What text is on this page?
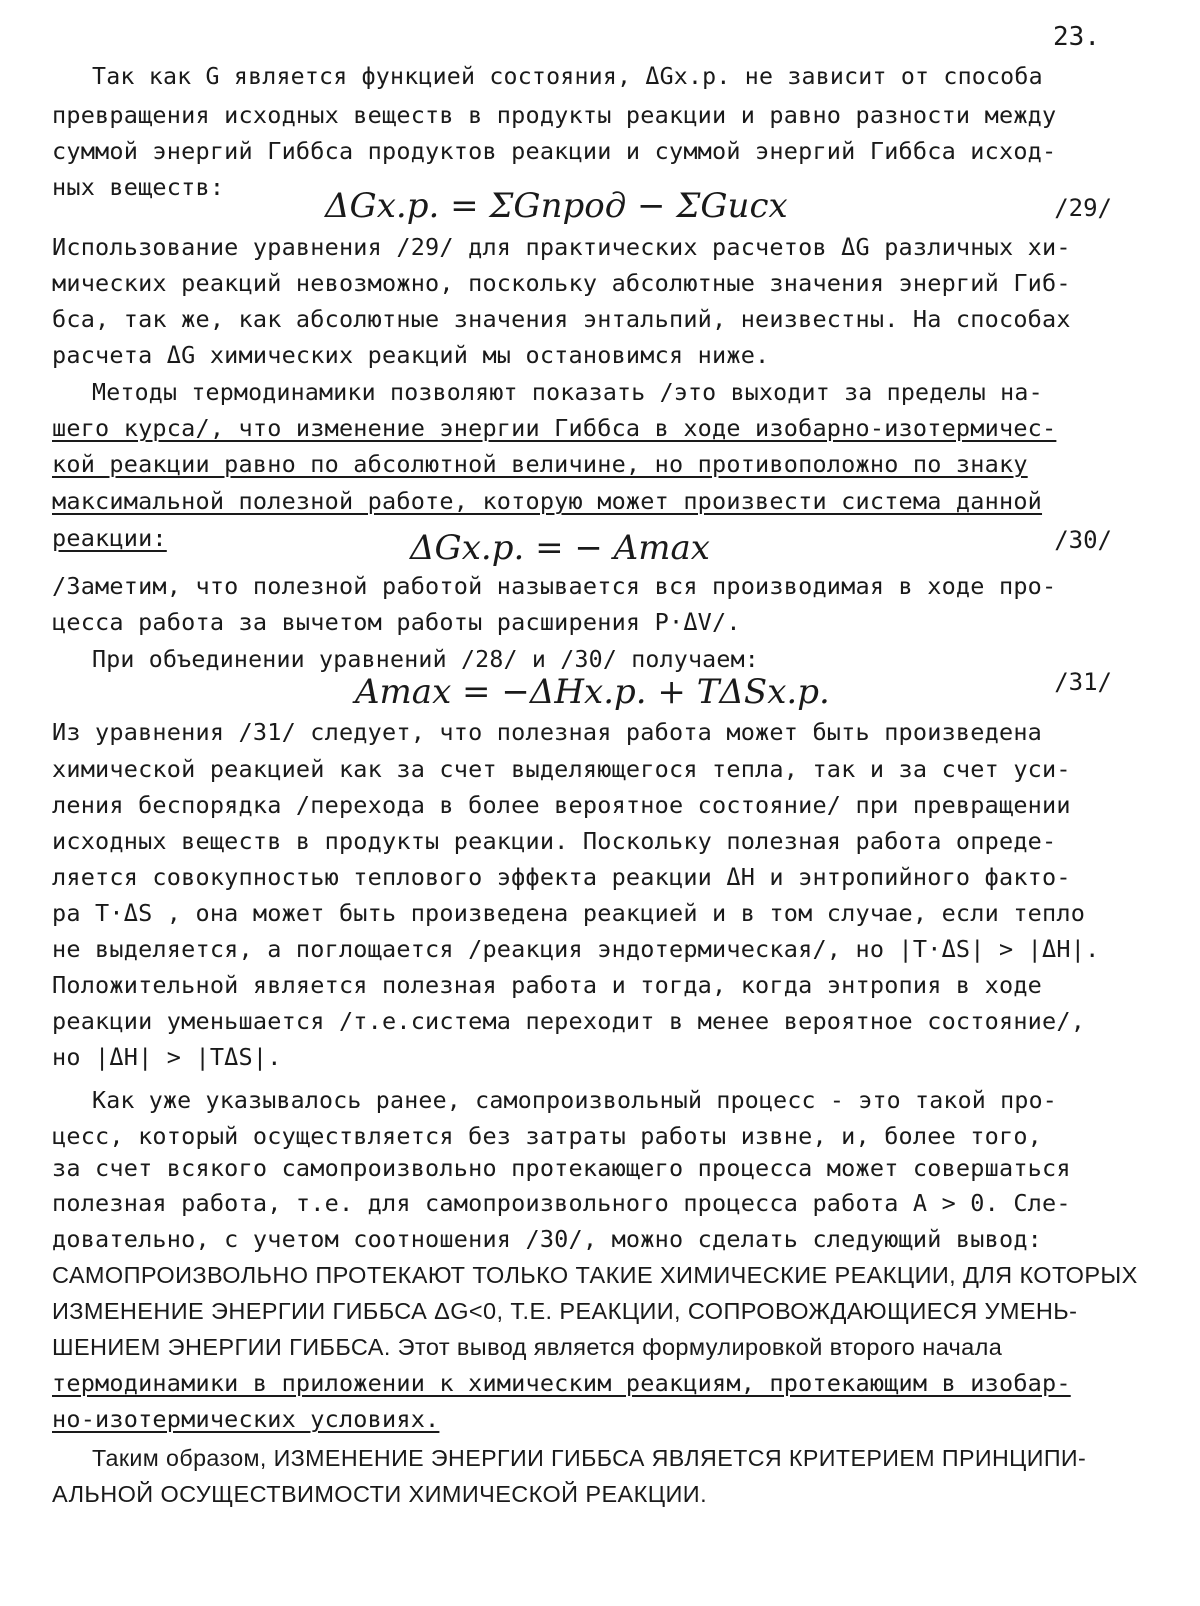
23.
Так как G является функцией состояния, ΔGх.р. не зависит от способа
превращения исходных веществ в продукты реакции и равно разности между
суммой энергий Гиббса продуктов реакции и суммой энергий Гиббса исход-
ных веществ:	ΔGх.р. = ΣGпрод − ΣGисх	/29/
Использование уравнения /29/ для практических расчетов ΔG различных хи-
мических реакций невозможно, поскольку абсолютные значения энергий Гиб-
бса, так же, как абсолютные значения энтальпий, неизвестны. На способах
расчета ΔG химических реакций мы остановимся ниже.
Методы термодинамики позволяют показать /это выходит за пределы на-
шего курса/, что изменение энергии Гиббса в ходе изобарно-изотермичес-
кой реакции равно по абсолютной величине, но противоположно по знаку
максимальной полезной работе, которую может произвести система данной
реакции:	ΔGх.р. = − Amax	/30/
/Заметим, что полезной работой называется вся производимая в ходе про-
цесса работа за вычетом работы расширения P·ΔV/.
При объединении уравнений /28/ и /30/ получаем:
Amax = −ΔHх.р. + TΔSх.р.	/31/
Из уравнения /31/ следует, что полезная работа может быть произведена
химической реакцией как за счет выделяющегося тепла, так и за счет уси-
ления беспорядка /перехода в более вероятное состояние/ при превращении
исходных веществ в продукты реакции. Поскольку полезная работа опреде-
ляется совокупностью теплового эффекта реакции ΔH и энтропийного факто-
ра T·ΔS , она может быть произведена реакцией и в том случае, если тепло
не выделяется, а поглощается /реакция эндотермическая/, но |T·ΔS| > |ΔH|.
Положительной является полезная работа и тогда, когда энтропия в ходе
реакции уменьшается /т.е.система переходит в менее вероятное состояние/,
но |ΔH| > |TΔS|.
Как уже указывалось ранее, самопроизвольный процесс - это такой про-
цесс, который осуществляется без затраты работы извне, и, более того,
за счет всякого самопроизвольно протекающего процесса может совершаться
полезная работа, т.е. для самопроизвольного процесса работа A > 0. Сле-
довательно, с учетом соотношения /30/, можно сделать следующий вывод:
САМОПРОИЗВОЛЬНО ПРОТЕКАЮТ ТОЛЬКО ТАКИЕ ХИМИЧЕСКИЕ РЕАКЦИИ, ДЛЯ КОТОРЫХ
ИЗМЕНЕНИЕ ЭНЕРГИИ ГИББСА ΔG<0, Т.Е. РЕАКЦИИ, СОПРОВОЖДАЮЩИЕСЯ УМЕНЬ-
ШЕНИЕМ ЭНЕРГИИ ГИББСА. Этот вывод является формулировкой второго начала
термодинамики в приложении к химическим реакциям, протекающим в изобар-
но-изотермических условиях.
Таким образом, ИЗМЕНЕНИЕ ЭНЕРГИИ ГИББСА ЯВЛЯЕТСЯ КРИТЕРИЕМ ПРИНЦИПИ-
АЛЬНОЙ ОСУЩЕСТВИМОСТИ ХИМИЧЕСКОЙ РЕАКЦИИ.
